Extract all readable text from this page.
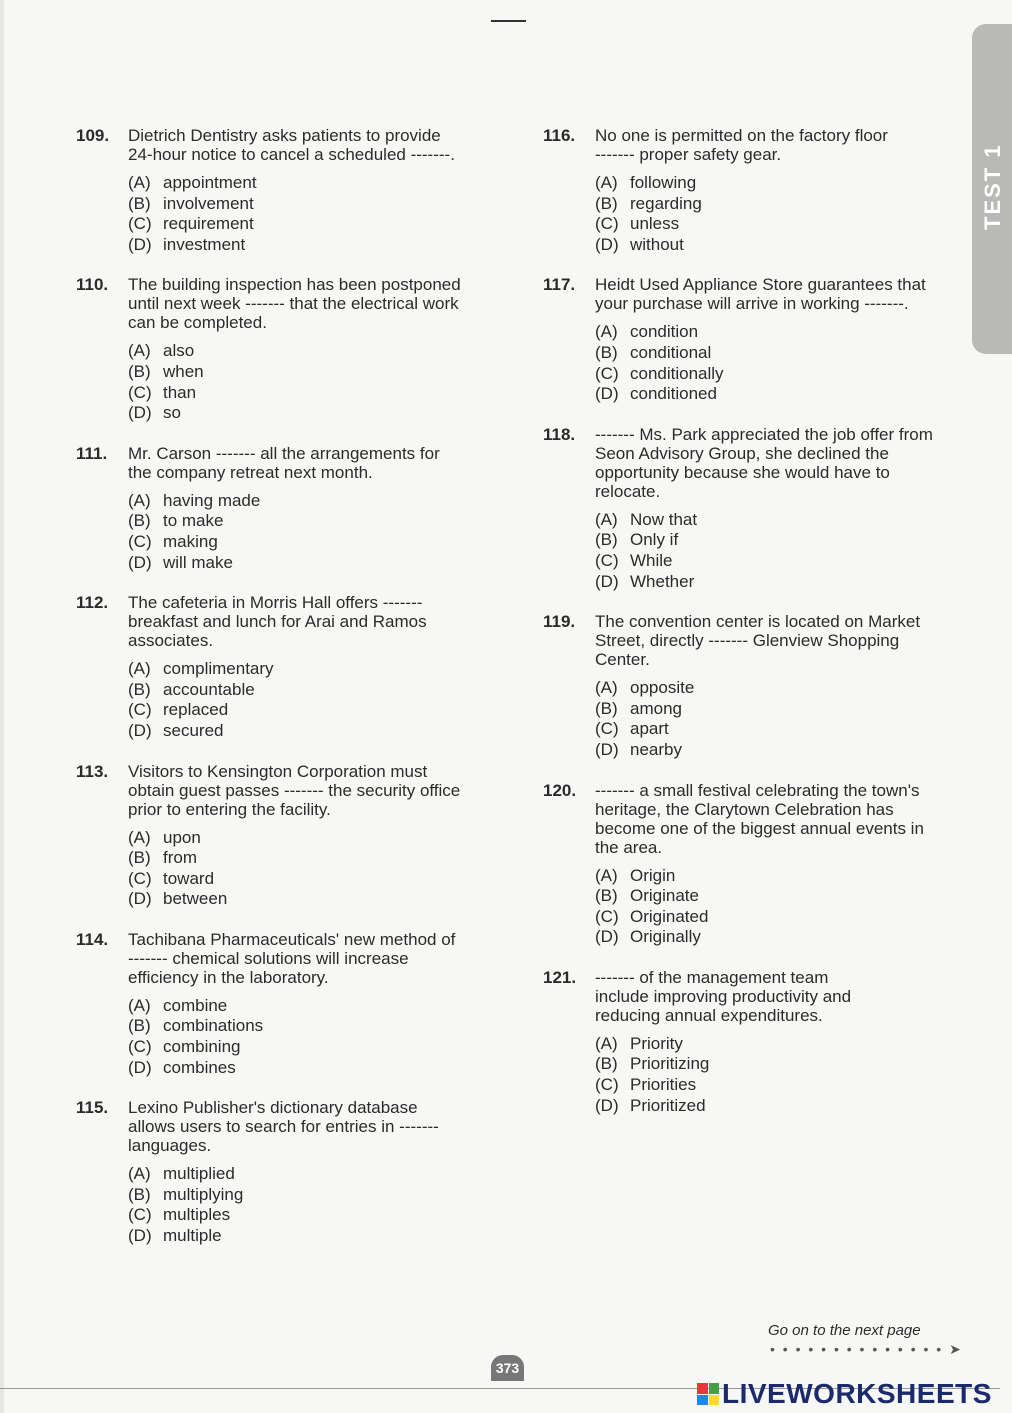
TEST 1
109. Dietrich Dentistry asks patients to provide
24-hour notice to cancel a scheduled -------.
(A) appointment
(B) involvement
(C) requirement
(D) investment
110. The building inspection has been postponed
until next week ------- that the electrical work
can be completed.
(A) also
(B) when
(C) than
(D) so
111. Mr. Carson ------- all the arrangements for
the company retreat next month.
(A) having made
(B) to make
(C) making
(D) will make
112. The cafeteria in Morris Hall offers -------
breakfast and lunch for Arai and Ramos
associates.
(A) complimentary
(B) accountable
(C) replaced
(D) secured
113. Visitors to Kensington Corporation must
obtain guest passes ------- the security office
prior to entering the facility.
(A) upon
(B) from
(C) toward
(D) between
114. Tachibana Pharmaceuticals' new method of
------- chemical solutions will increase
efficiency in the laboratory.
(A) combine
(B) combinations
(C) combining
(D) combines
115. Lexino Publisher's dictionary database
allows users to search for entries in -------
languages.
(A) multiplied
(B) multiplying
(C) multiples
(D) multiple
116. No one is permitted on the factory floor
------- proper safety gear.
(A) following
(B) regarding
(C) unless
(D) without
117. Heidt Used Appliance Store guarantees that
your purchase will arrive in working -------.
(A) condition
(B) conditional
(C) conditionally
(D) conditioned
118. ------- Ms. Park appreciated the job offer from
Seon Advisory Group, she declined the
opportunity because she would have to
relocate.
(A) Now that
(B) Only if
(C) While
(D) Whether
119. The convention center is located on Market
Street, directly ------- Glenview Shopping
Center.
(A) opposite
(B) among
(C) apart
(D) nearby
120. ------- a small festival celebrating the town's
heritage, the Clarytown Celebration has
become one of the biggest annual events in
the area.
(A) Origin
(B) Originate
(C) Originated
(D) Originally
121. ------- of the management team
include improving productivity and
reducing annual expenditures.
(A) Priority
(B) Prioritizing
(C) Priorities
(D) Prioritized
Go on to the next page
• • • • • • • • • • • • • • ➤
373
LIVEWORKSHEETS
